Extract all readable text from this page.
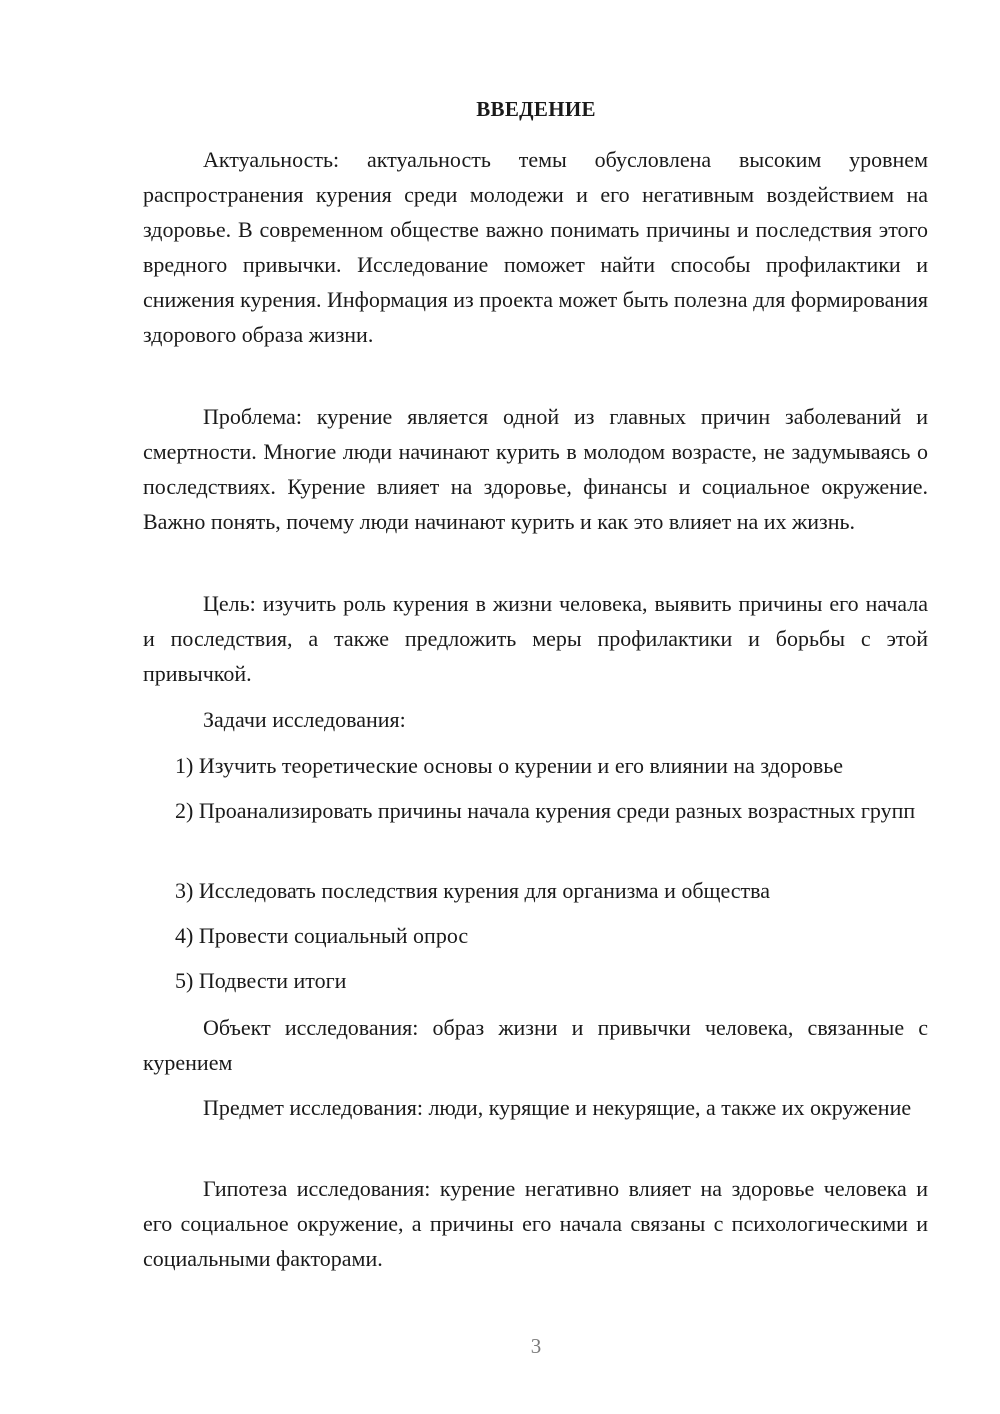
ВВЕДЕНИЕ

Актуальность: актуальность темы обусловлена высоким уровнем распространения курения среди молодежи и его негативным воздействием на здоровье. В современном обществе важно понимать причины и последствия этого вредного привычки. Исследование поможет найти способы профилактики и снижения курения. Информация из проекта может быть полезна для формирования здорового образа жизни.

Проблема: курение является одной из главных причин заболеваний и смертности. Многие люди начинают курить в молодом возрасте, не задумываясь о последствиях. Курение влияет на здоровье, финансы и социальное окружение. Важно понять, почему люди начинают курить и как это влияет на их жизнь.

Цель: изучить роль курения в жизни человека, выявить причины его начала и последствия, а также предложить меры профилактики и борьбы с этой привычкой.

Задачи исследования:

1) Изучить теоретические основы о курении и его влиянии на здоровье

2) Проанализировать причины начала курения среди разных возрастных групп

3) Исследовать последствия курения для организма и общества

4) Провести социальный опрос

5) Подвести итоги

Объект исследования: образ жизни и привычки человека, связанные с курением

Предмет исследования: люди, курящие и некурящие, а также их окружение

Гипотеза исследования: курение негативно влияет на здоровье человека и его социальное окружение, а причины его начала связаны с психологическими и социальными факторами.

3
